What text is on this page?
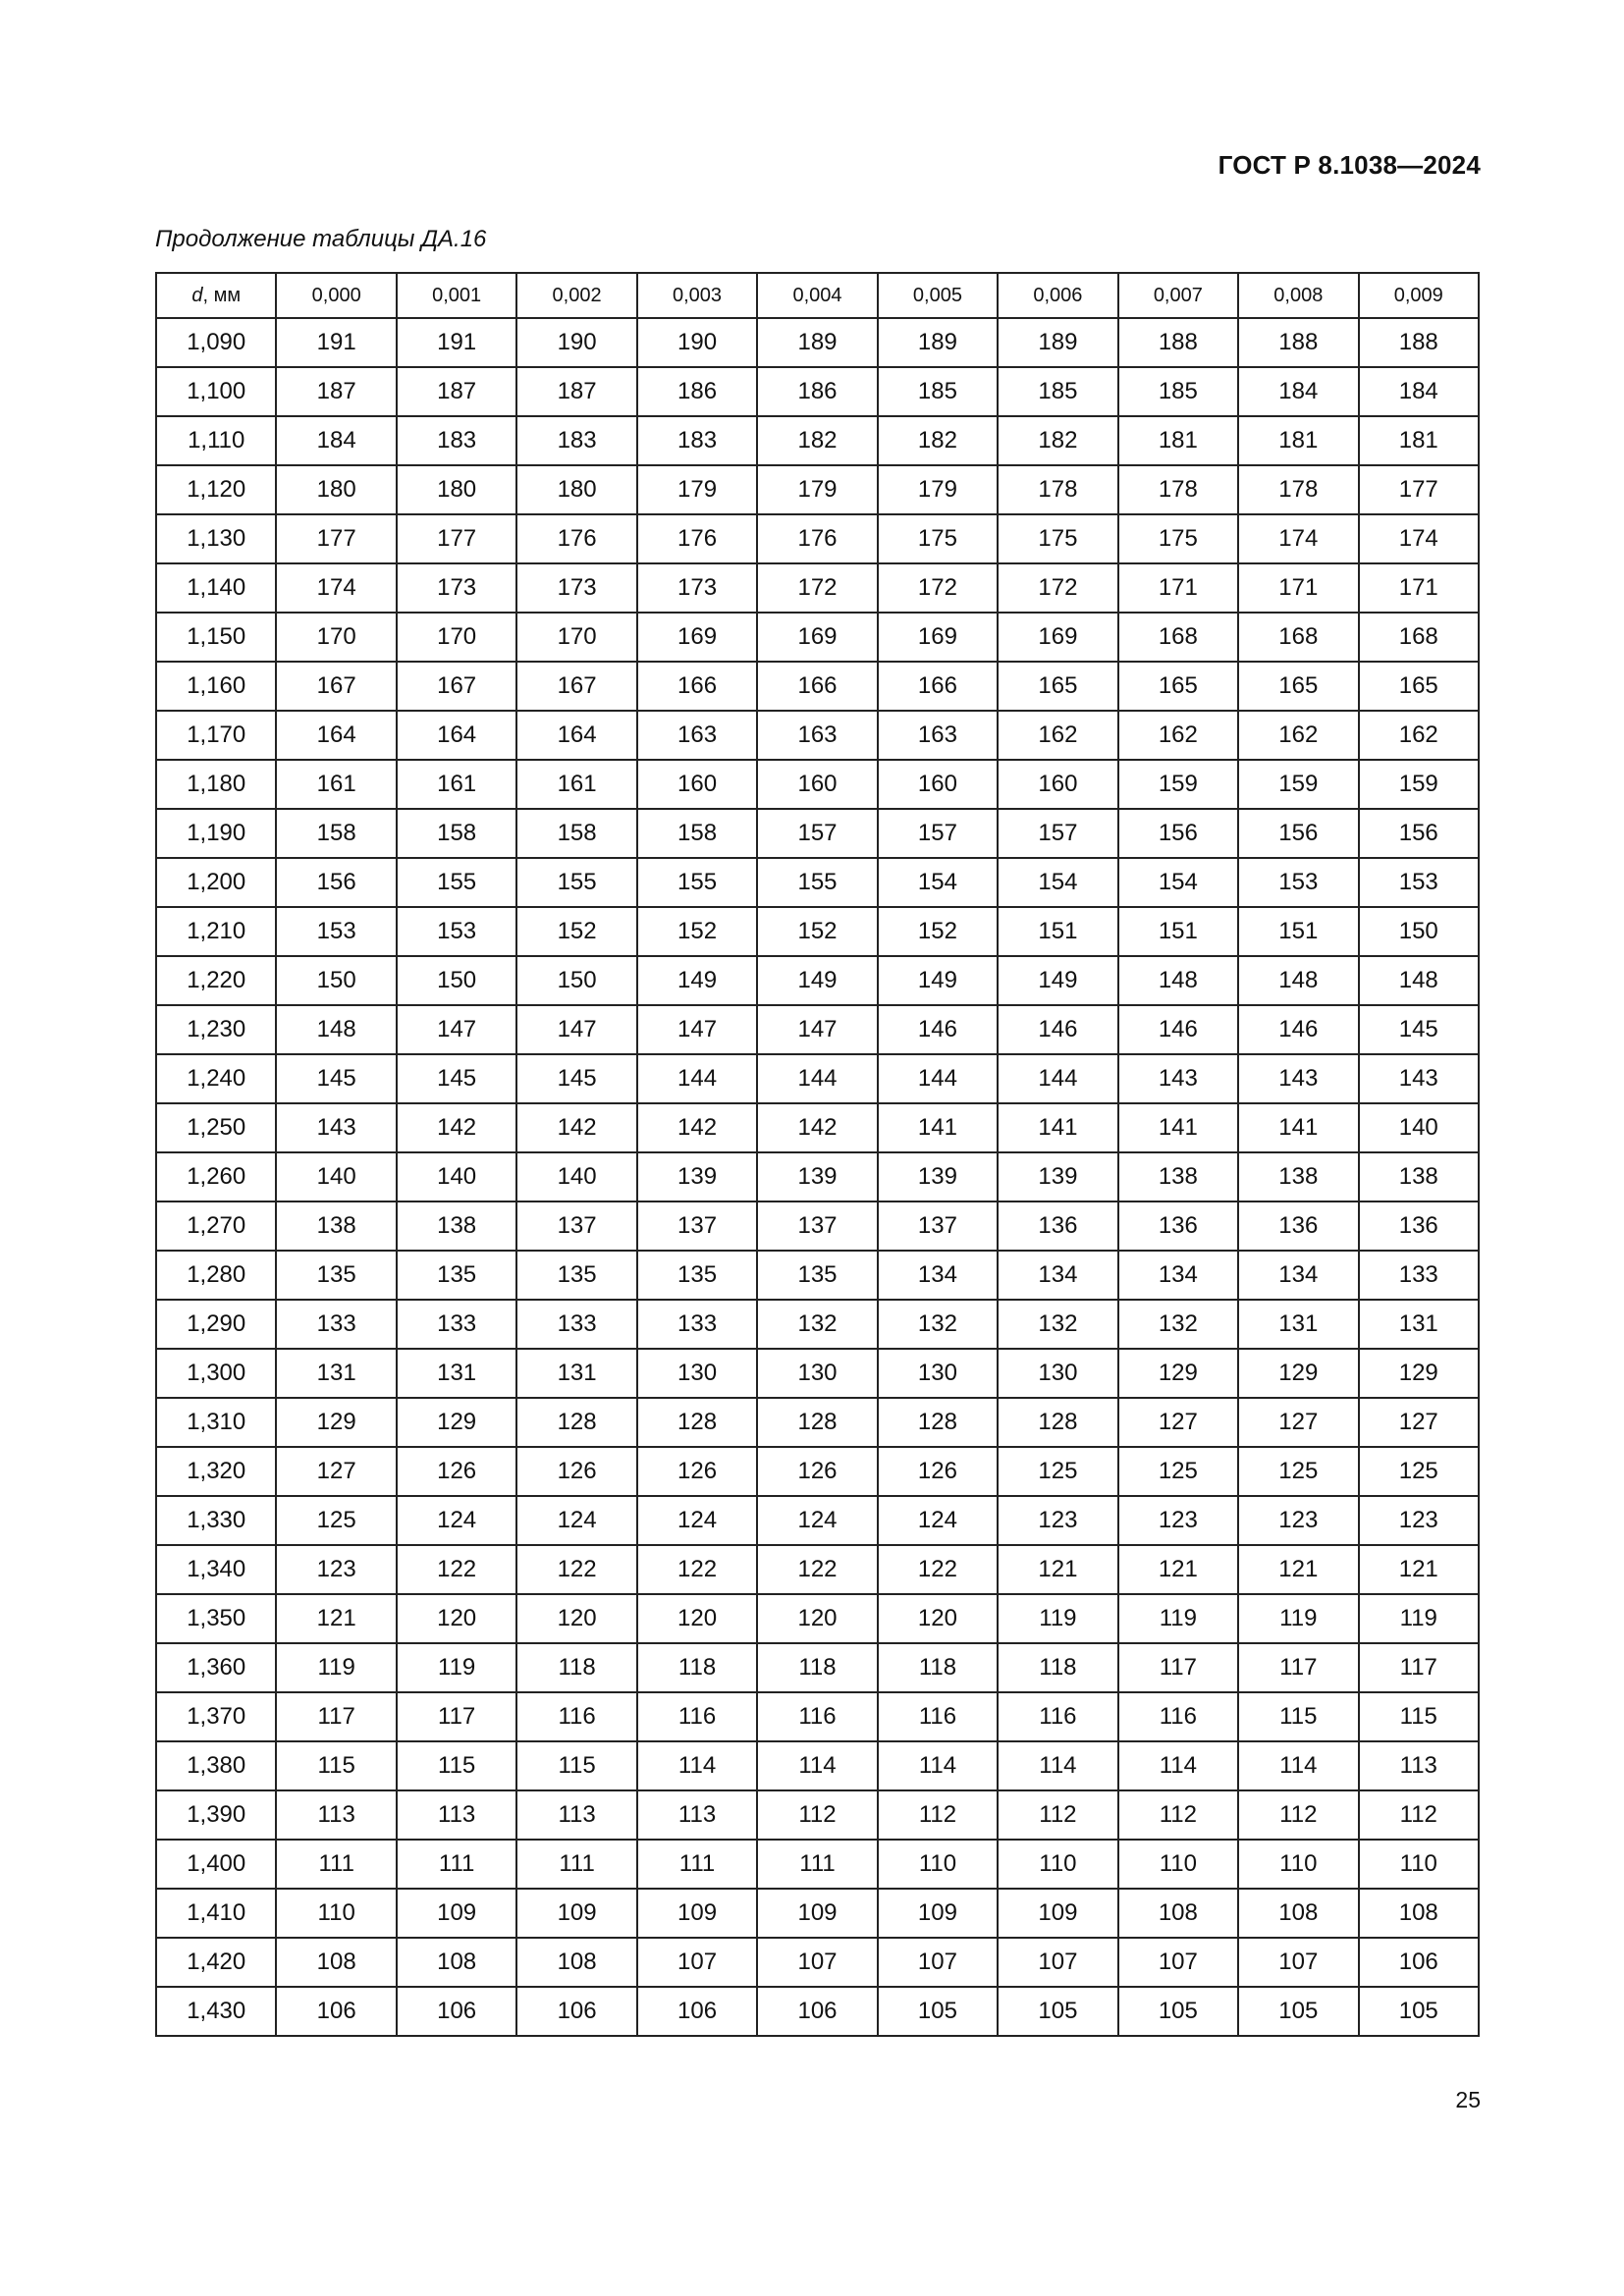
ГОСТ Р 8.1038—2024
Продолжение таблицы ДА.16
d, мм	0,000	0,001	0,002	0,003	0,004	0,005	0,006	0,007	0,008	0,009
1,090	191	191	190	190	189	189	189	188	188	188
1,100	187	187	187	186	186	185	185	185	184	184
1,110	184	183	183	183	182	182	182	181	181	181
1,120	180	180	180	179	179	179	178	178	178	177
1,130	177	177	176	176	176	175	175	175	174	174
1,140	174	173	173	173	172	172	172	171	171	171
1,150	170	170	170	169	169	169	169	168	168	168
1,160	167	167	167	166	166	166	165	165	165	165
1,170	164	164	164	163	163	163	162	162	162	162
1,180	161	161	161	160	160	160	160	159	159	159
1,190	158	158	158	158	157	157	157	156	156	156
1,200	156	155	155	155	155	154	154	154	153	153
1,210	153	153	152	152	152	152	151	151	151	150
1,220	150	150	150	149	149	149	149	148	148	148
1,230	148	147	147	147	147	146	146	146	146	145
1,240	145	145	145	144	144	144	144	143	143	143
1,250	143	142	142	142	142	141	141	141	141	140
1,260	140	140	140	139	139	139	139	138	138	138
1,270	138	138	137	137	137	137	136	136	136	136
1,280	135	135	135	135	135	134	134	134	134	133
1,290	133	133	133	133	132	132	132	132	131	131
1,300	131	131	131	130	130	130	130	129	129	129
1,310	129	129	128	128	128	128	128	127	127	127
1,320	127	126	126	126	126	126	125	125	125	125
1,330	125	124	124	124	124	124	123	123	123	123
1,340	123	122	122	122	122	122	121	121	121	121
1,350	121	120	120	120	120	120	119	119	119	119
1,360	119	119	118	118	118	118	118	117	117	117
1,370	117	117	116	116	116	116	116	116	115	115
1,380	115	115	115	114	114	114	114	114	114	113
1,390	113	113	113	113	112	112	112	112	112	112
1,400	111	111	111	111	111	110	110	110	110	110
1,410	110	109	109	109	109	109	109	108	108	108
1,420	108	108	108	107	107	107	107	107	107	106
1,430	106	106	106	106	106	105	105	105	105	105
25
